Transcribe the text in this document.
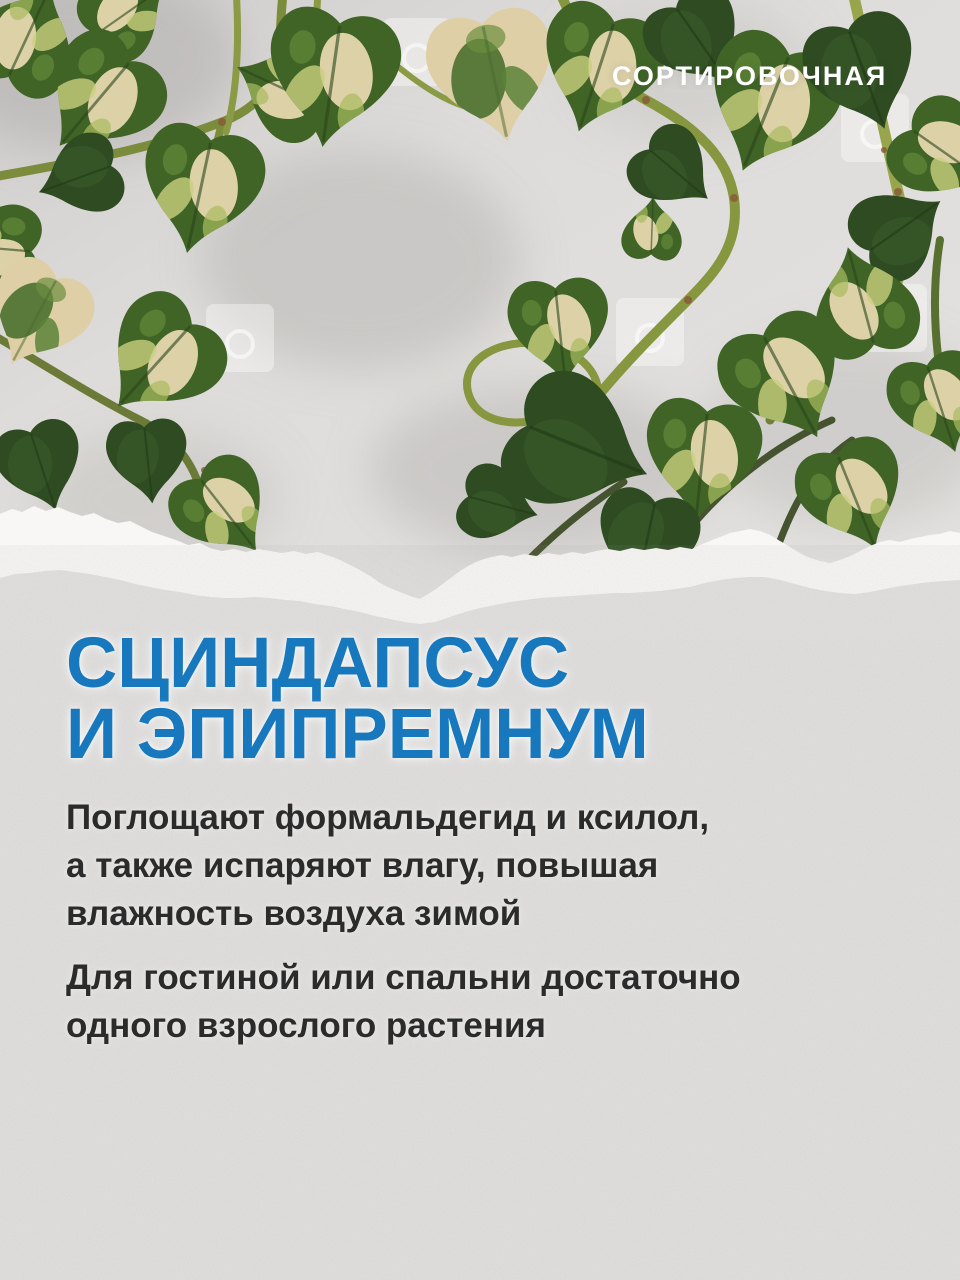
СОРТИРОВОЧНАЯ
СЦИНДАПСУС
И ЭПИПРЕМНУМ

Поглощают формальдегид и ксилол,
а также испаряют влагу, повышая
влажность воздуха зимой

Для гостиной или спальни достаточно
одного взрослого растения
